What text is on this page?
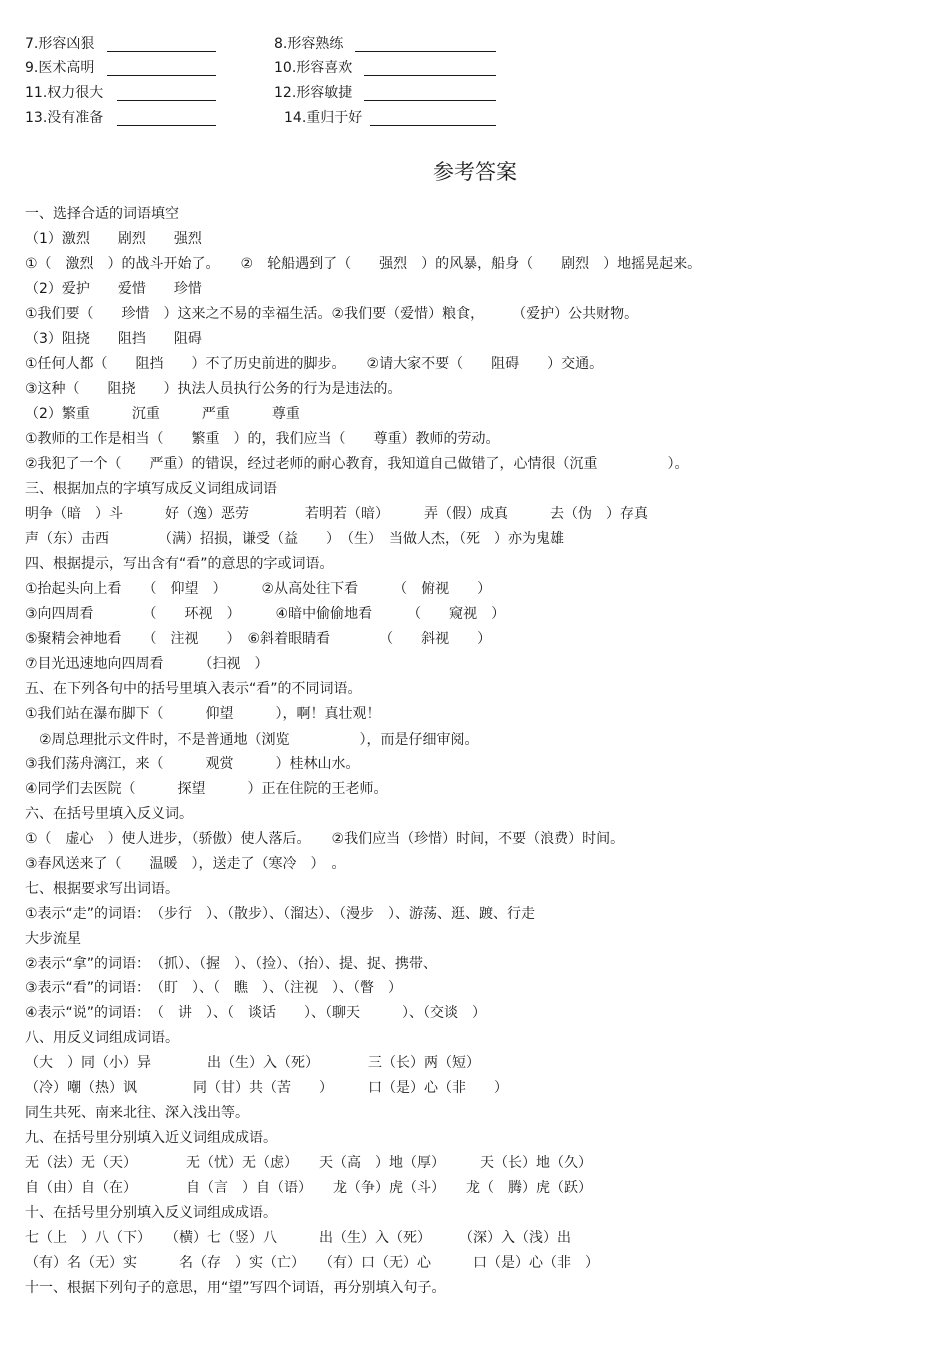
7.形容凶狠	8.形容熟练
9.医术高明	10.形容喜欢
11.权力很大	12.形容敏捷
13.没有准备	14.重归于好
参考答案
一、选择合适的词语填空
（1）激烈　　剧烈　　强烈
①（　激烈　）的战斗开始了。　　②　轮船遇到了（　　强烈　）的风暴，船身（　　剧烈　）地摇晃起来。
（2）爱护　　爱惜　　珍惜
①我们要（　　珍惜　）这来之不易的幸福生活。②我们要（爱惜）粮食，　　　（爱护）公共财物。
（3）阻挠　　阻挡　　阻碍
①任何人都（　　阻挡　　）不了历史前进的脚步。　　②请大家不要（　　阻碍　　）交通。
③这种（　　阻挠　　）执法人员执行公务的行为是违法的。
（2）繁重　　　沉重　　　严重　　　尊重
①教师的工作是相当（　　繁重　）的，我们应当（　　尊重）教师的劳动。
②我犯了一个（　　严重）的错误，经过老师的耐心教育，我知道自己做错了，心情很（沉重　　　　　）。
三、根据加点的字填写成反义词组成词语
明争（暗　）斗　　　好（逸）恶劳　　　　若明若（暗）　　　弄（假）成真　　　去（伪　）存真
声（东）击西　　　　（满）招损，谦受（益　　）　（生）　当做人杰，（死　）亦为鬼雄
四、根据提示，写出含有“看”的意思的字或词语。
①抬起头向上看　　（　仰望　）　　　②从高处往下看　　　（　俯视　　）
③向四周看　　　　（　　环视　）　　　④暗中偷偷地看　　　（　　窥视　）
⑤聚精会神地看　　（　注视　　）　⑥斜着眼睛看　　　　（　　斜视　　）
⑦目光迅速地向四周看　　　（扫视　）
五、在下列各句中的括号里填入表示“看”的不同词语。
①我们站在瀑布脚下（　　　仰望　　　），啊！真壮观！
　②周总理批示文件时，不是普通地（浏览　　　　　），而是仔细审阅。
③我们荡舟漓江，来（　　　观赏　　　）桂林山水。
④同学们去医院（　　　探望　　　）正在住院的王老师。
六、在括号里填入反义词。
①（　虚心　）使人进步，（骄傲）使人落后。　　②我们应当（珍惜）时间，不要（浪费）时间。
③春风送来了（　　温暖　），送走了（寒冷　）　。
七、根据要求写出词语。
①表示“走”的词语：　（步行　）、（散步）、（溜达）、（漫步　）、游荡、逛、踱、行走
大步流星
②表示“拿”的词语：　（抓）、（握　）、（捡）、（抬）、提、捉、携带、
③表示“看”的词语：　（盯　）、（　瞧　）、（注视　）、（瞥　）
④表示“说”的词语：　（　讲　）、（　谈话　　）、（聊天　　　）、（交谈　）
八、用反义词组成词语。
（大　）同（小）异　　　　出（生）入（死）　　　　三（长）两（短）
（冷）嘲（热）讽　　　　同（甘）共（苦　　）　　　口（是）心（非　　）
同生共死、南来北往、深入浅出等。
九、在括号里分别填入近义词组成成语。
无（法）无（天）　　　　无（忧）无（虑）　　天（高　）地（厚）　　　天（长）地（久）
自（由）自（在）　　　　自（言　）自（语）　　龙（争）虎（斗）　　龙（　腾）虎（跃）
十、在括号里分别填入反义词组成成语。
七（上　）八（下）　　（横）七（竖）八　　　出（生）入（死）　　　（深）入（浅）出
（有）名（无）实　　　名（存　）实（亡）　　（有）口（无）心　　　口（是）心（非　）
十一、根据下列句子的意思，用“望”写四个词语，再分别填入句子。
